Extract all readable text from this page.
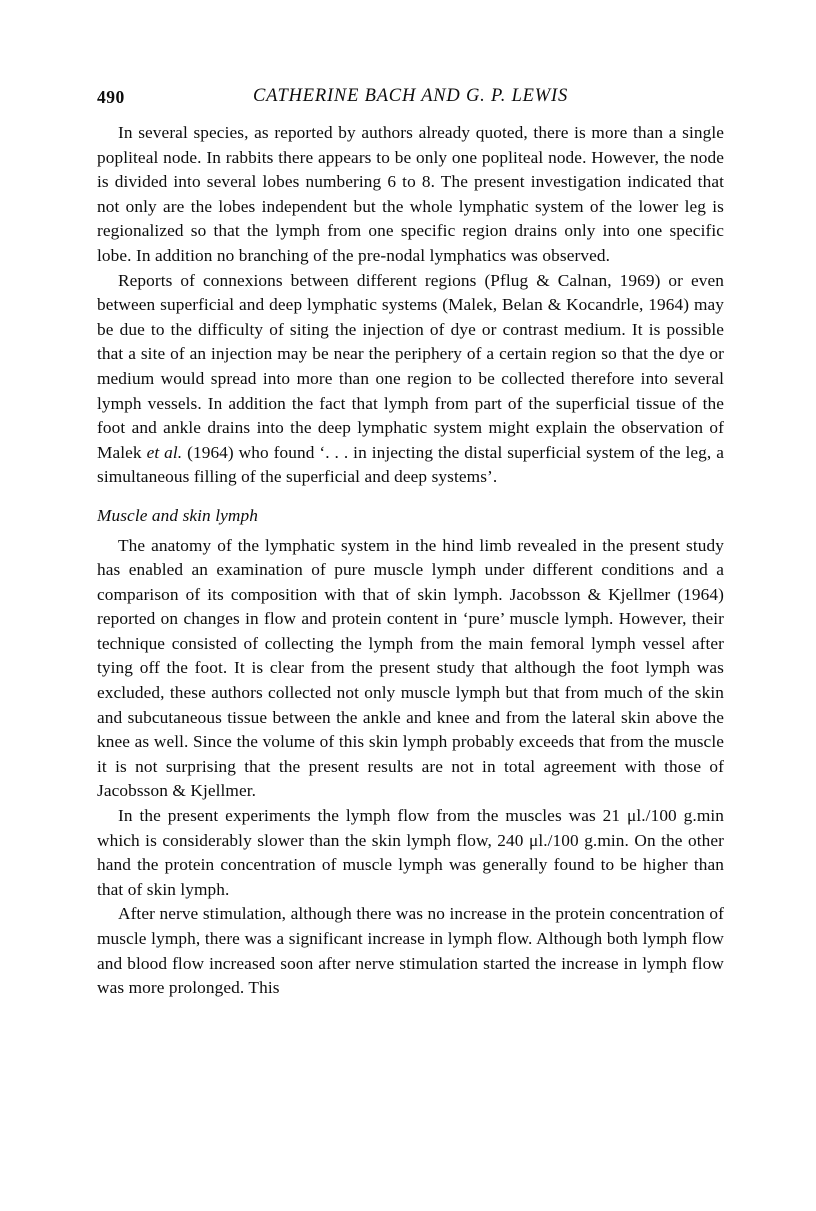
490	CATHERINE BACH AND G. P. LEWIS

In several species, as reported by authors already quoted, there is more than a single popliteal node. In rabbits there appears to be only one popliteal node. However, the node is divided into several lobes numbering 6 to 8. The present investigation indicated that not only are the lobes independent but the whole lymphatic system of the lower leg is regionalized so that the lymph from one specific region drains only into one specific lobe. In addition no branching of the pre-nodal lymphatics was observed.

Reports of connexions between different regions (Pflug & Calnan, 1969) or even between superficial and deep lymphatic systems (Malek, Belan & Kocandrle, 1964) may be due to the difficulty of siting the injection of dye or contrast medium. It is possible that a site of an injection may be near the periphery of a certain region so that the dye or medium would spread into more than one region to be collected therefore into several lymph vessels. In addition the fact that lymph from part of the superficial tissue of the foot and ankle drains into the deep lymphatic system might explain the observation of Malek et al. (1964) who found ‘. . . in injecting the distal superficial system of the leg, a simultaneous filling of the superficial and deep systems’.

Muscle and skin lymph

The anatomy of the lymphatic system in the hind limb revealed in the present study has enabled an examination of pure muscle lymph under different conditions and a comparison of its composition with that of skin lymph. Jacobsson & Kjellmer (1964) reported on changes in flow and protein content in ‘pure’ muscle lymph. However, their technique consisted of collecting the lymph from the main femoral lymph vessel after tying off the foot. It is clear from the present study that although the foot lymph was excluded, these authors collected not only muscle lymph but that from much of the skin and subcutaneous tissue between the ankle and knee and from the lateral skin above the knee as well. Since the volume of this skin lymph probably exceeds that from the muscle it is not surprising that the present results are not in total agreement with those of Jacobsson & Kjellmer.

In the present experiments the lymph flow from the muscles was 21 μl./100 g.min which is considerably slower than the skin lymph flow, 240 μl./100 g.min. On the other hand the protein concentration of muscle lymph was generally found to be higher than that of skin lymph.

After nerve stimulation, although there was no increase in the protein concentration of muscle lymph, there was a significant increase in lymph flow. Although both lymph flow and blood flow increased soon after nerve stimulation started the increase in lymph flow was more prolonged. This
